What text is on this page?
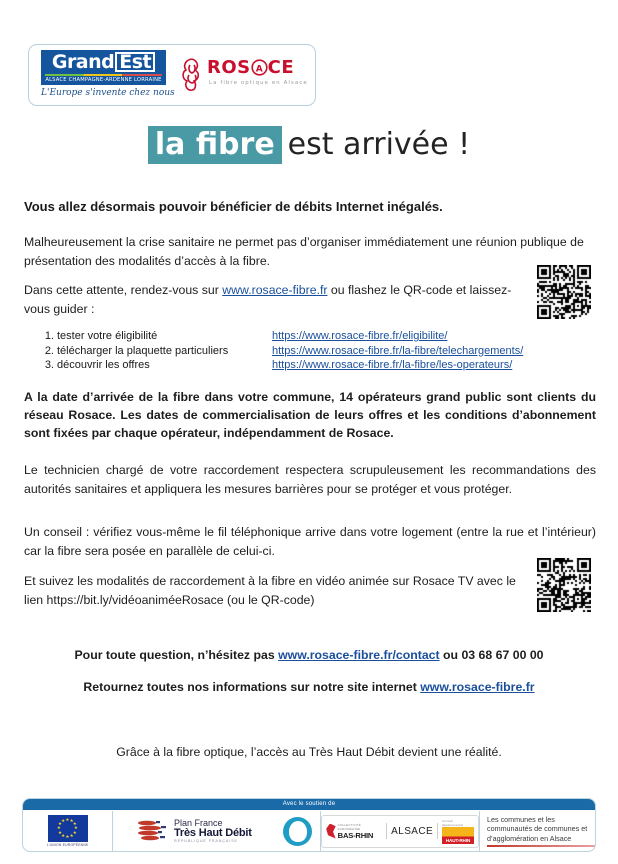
Grand Est
ALSACE CHAMPAGNE-ARDENNE LORRAINE
L'Europe s'invente chez nous
ROS A CE
La fibre optique en Alsace
la fibre est arrivée !
Vous allez désormais pouvoir bénéficier de débits Internet inégalés.
Malheureusement la crise sanitaire ne permet pas d’organiser immédiatement une réunion publique de présentation des modalités d’accès à la fibre.
Dans cette attente, rendez-vous sur www.rosace-fibre.fr ou flashez le QR-code et laissez-vous guider :
1. tester votre éligibilité	https://www.rosace-fibre.fr/eligibilite/
2. télécharger la plaquette particuliers	https://www.rosace-fibre.fr/la-fibre/telechargements/
3. découvrir les offres	https://www.rosace-fibre.fr/la-fibre/les-operateurs/
A la date d’arrivée de la fibre dans votre commune, 14 opérateurs grand public sont clients du réseau Rosace. Les dates de commercialisation de leurs offres et les conditions d’abonnement sont fixées par chaque opérateur, indépendamment de Rosace.
Le technicien chargé de votre raccordement respectera scrupuleusement les recommandations des autorités sanitaires et appliquera les mesures barrières pour se protéger et vous protéger.
Un conseil : vérifiez vous-même le fil téléphonique arrive dans votre logement (entre la rue et l’intérieur) car la fibre sera posée en parallèle de celui-ci.
Et suivez les modalités de raccordement à la fibre en vidéo animée sur Rosace TV avec le lien https://bit.ly/vidéoaniméeRosace (ou le QR-code)
Pour toute question, n’hésitez pas www.rosace-fibre.fr/contact ou 03 68 67 00 00
Retournez toutes nos informations sur notre site internet www.rosace-fibre.fr
Grâce à la fibre optique, l’accès au Très Haut Débit devient une réalité.
Avec le soutien de
★ ★
★
★
★
★
★
★
★
★
★
★
L'UNION EUROPÉENNE
Plan France
Très Haut Débit
RÉPUBLIQUE FRANÇAISE
COLLECTIVITÉ EUROPÉENNE
BAS-RHIN	ALSACE
Conseil départemental
HAUT-RHIN
Les communes et les communautés de communes et d’agglomération en Alsace
